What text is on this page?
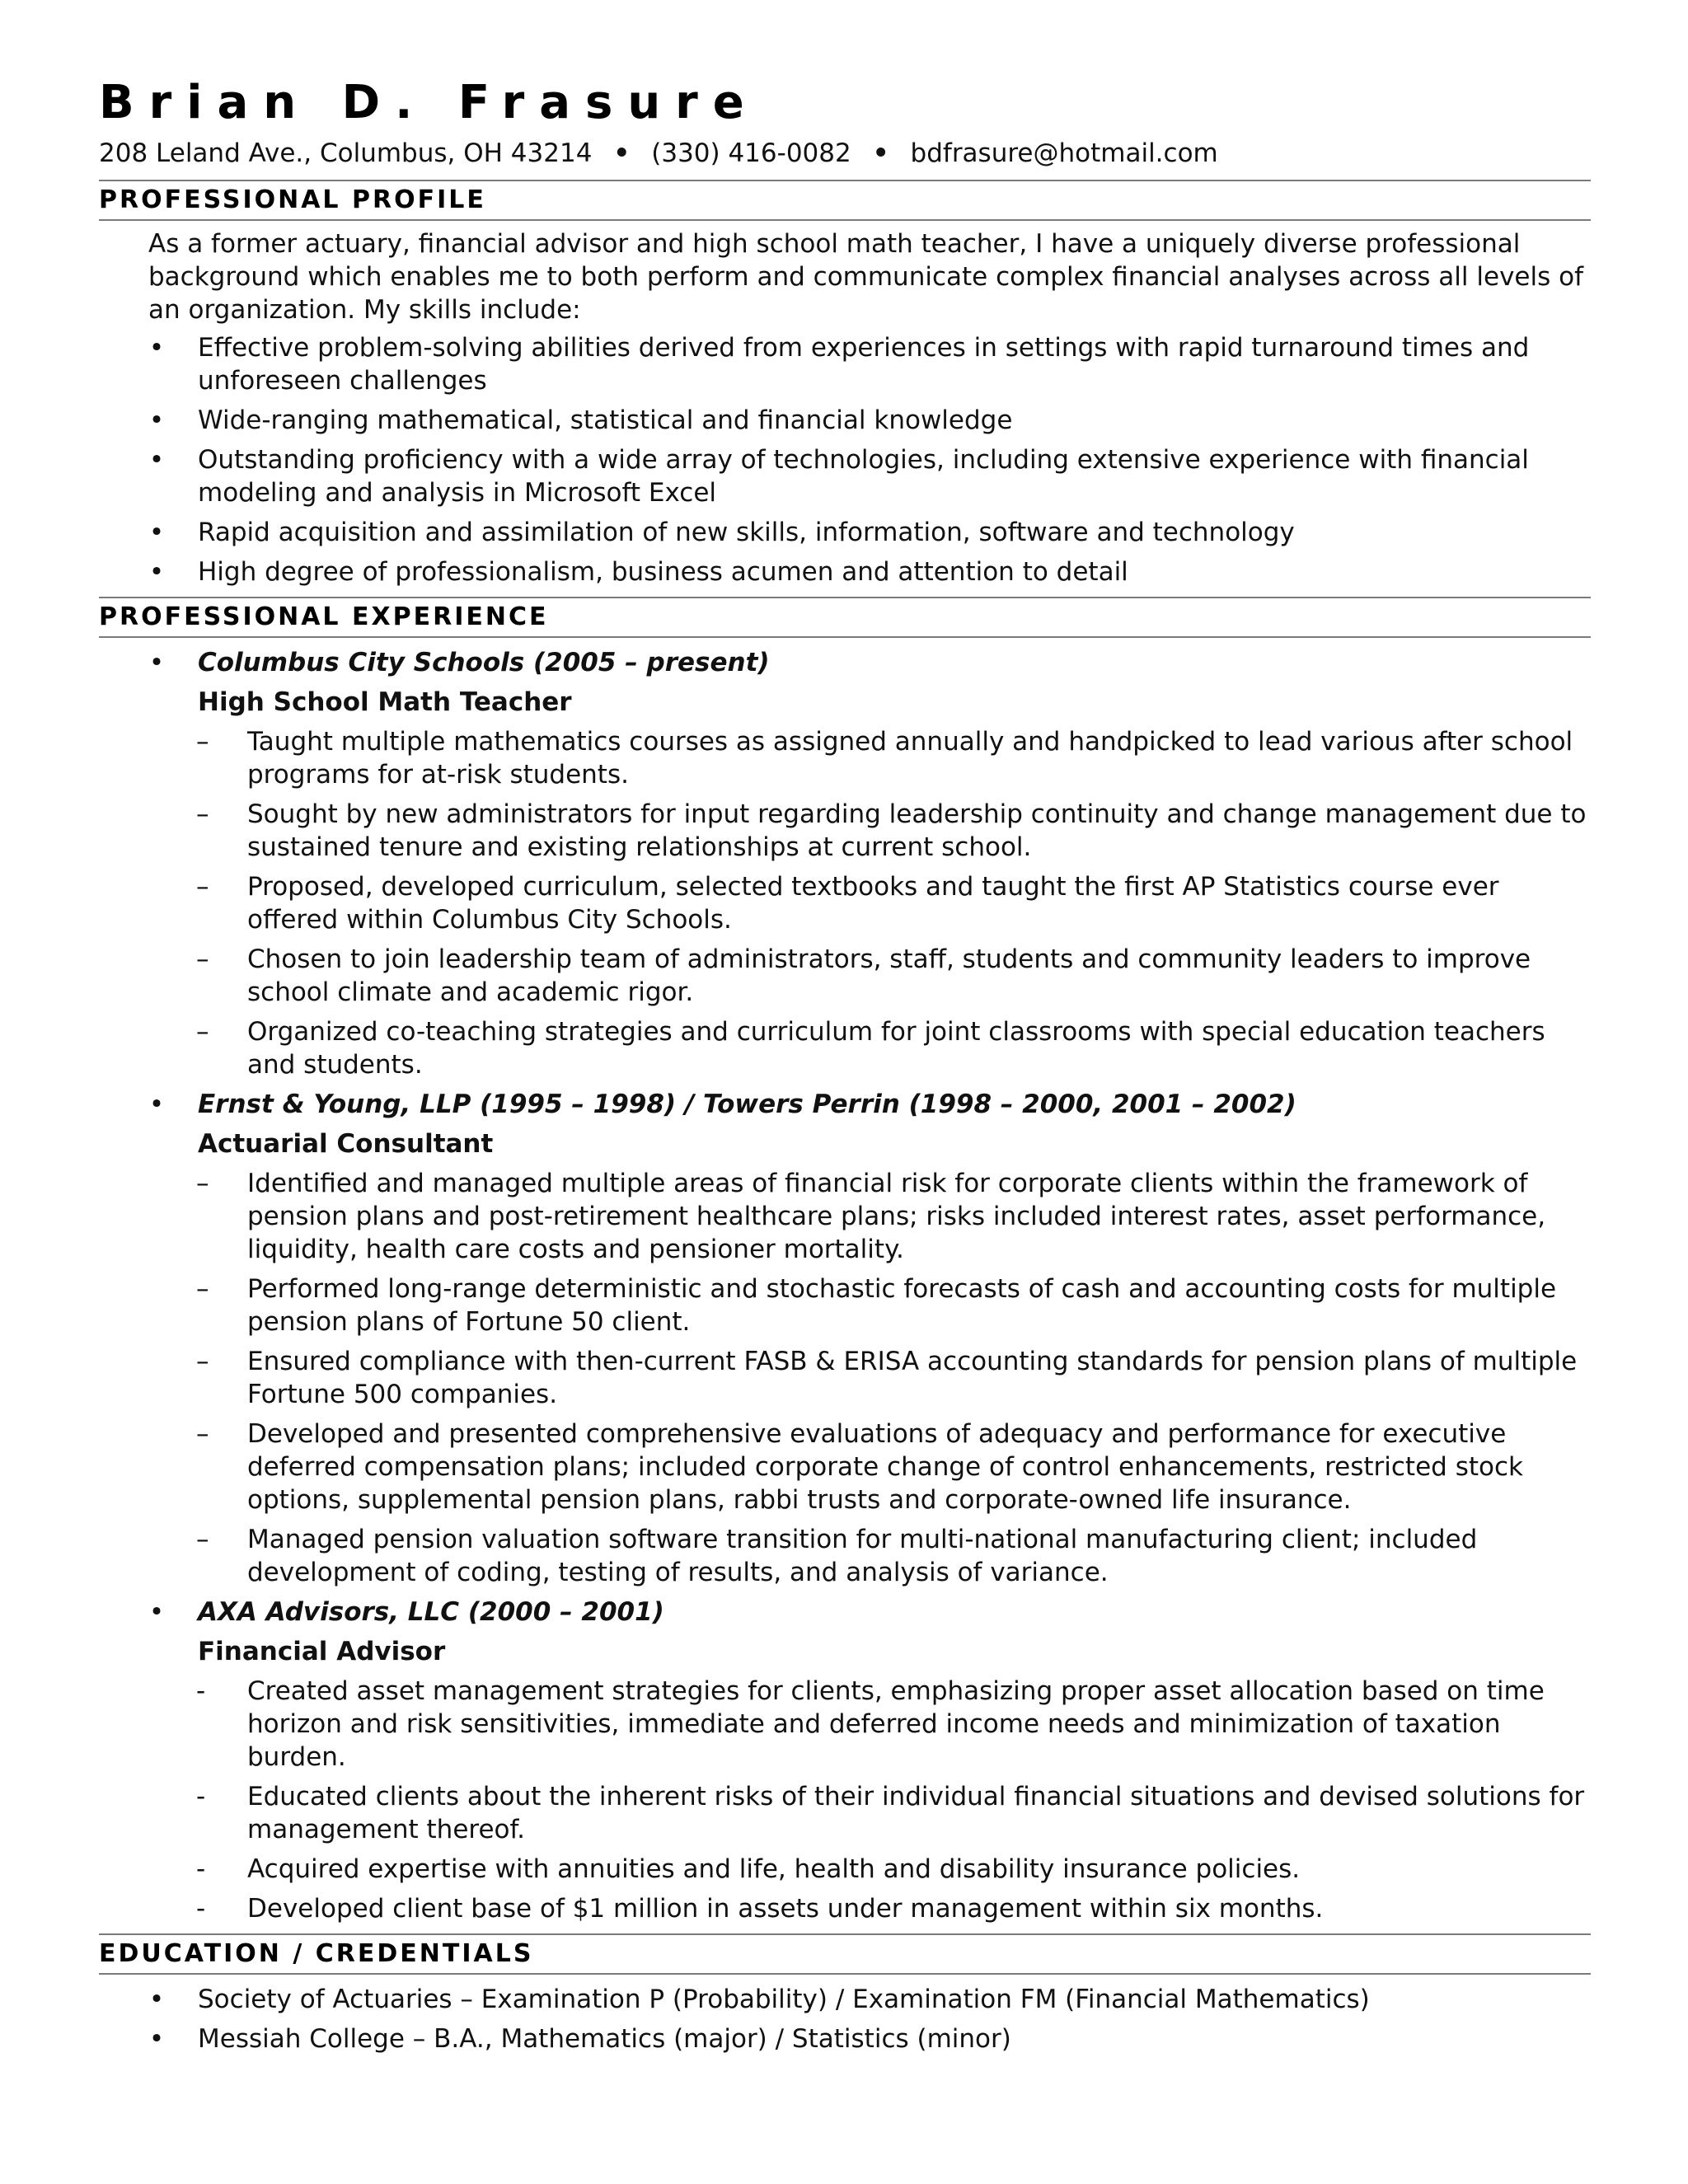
Brian D. Frasure
208 Leland Ave., Columbus, OH 43214 • (330) 416-0082 • bdfrasure@hotmail.com
PROFESSIONAL PROFILE
As a former actuary, financial advisor and high school math teacher, I have a uniquely diverse professional background which enables me to both perform and communicate complex financial analyses across all levels of an organization. My skills include:
• Effective problem-solving abilities derived from experiences in settings with rapid turnaround times and unforeseen challenges
• Wide-ranging mathematical, statistical and financial knowledge
• Outstanding proficiency with a wide array of technologies, including extensive experience with financial modeling and analysis in Microsoft Excel
• Rapid acquisition and assimilation of new skills, information, software and technology
• High degree of professionalism, business acumen and attention to detail
PROFESSIONAL EXPERIENCE
• Columbus City Schools (2005 – present)
High School Math Teacher
– Taught multiple mathematics courses as assigned annually and handpicked to lead various after school programs for at-risk students.
– Sought by new administrators for input regarding leadership continuity and change management due to sustained tenure and existing relationships at current school.
– Proposed, developed curriculum, selected textbooks and taught the first AP Statistics course ever offered within Columbus City Schools.
– Chosen to join leadership team of administrators, staff, students and community leaders to improve school climate and academic rigor.
– Organized co-teaching strategies and curriculum for joint classrooms with special education teachers and students.
• Ernst & Young, LLP (1995 – 1998) / Towers Perrin (1998 – 2000, 2001 – 2002)
Actuarial Consultant
– Identified and managed multiple areas of financial risk for corporate clients within the framework of pension plans and post-retirement healthcare plans; risks included interest rates, asset performance, liquidity, health care costs and pensioner mortality.
– Performed long-range deterministic and stochastic forecasts of cash and accounting costs for multiple pension plans of Fortune 50 client.
– Ensured compliance with then-current FASB & ERISA accounting standards for pension plans of multiple Fortune 500 companies.
– Developed and presented comprehensive evaluations of adequacy and performance for executive deferred compensation plans; included corporate change of control enhancements, restricted stock options, supplemental pension plans, rabbi trusts and corporate-owned life insurance.
– Managed pension valuation software transition for multi-national manufacturing client; included development of coding, testing of results, and analysis of variance.
• AXA Advisors, LLC (2000 – 2001)
Financial Advisor
- Created asset management strategies for clients, emphasizing proper asset allocation based on time horizon and risk sensitivities, immediate and deferred income needs and minimization of taxation burden.
- Educated clients about the inherent risks of their individual financial situations and devised solutions for management thereof.
- Acquired expertise with annuities and life, health and disability insurance policies.
- Developed client base of $1 million in assets under management within six months.
EDUCATION / CREDENTIALS
• Society of Actuaries – Examination P (Probability) / Examination FM (Financial Mathematics)
• Messiah College – B.A., Mathematics (major) / Statistics (minor)
